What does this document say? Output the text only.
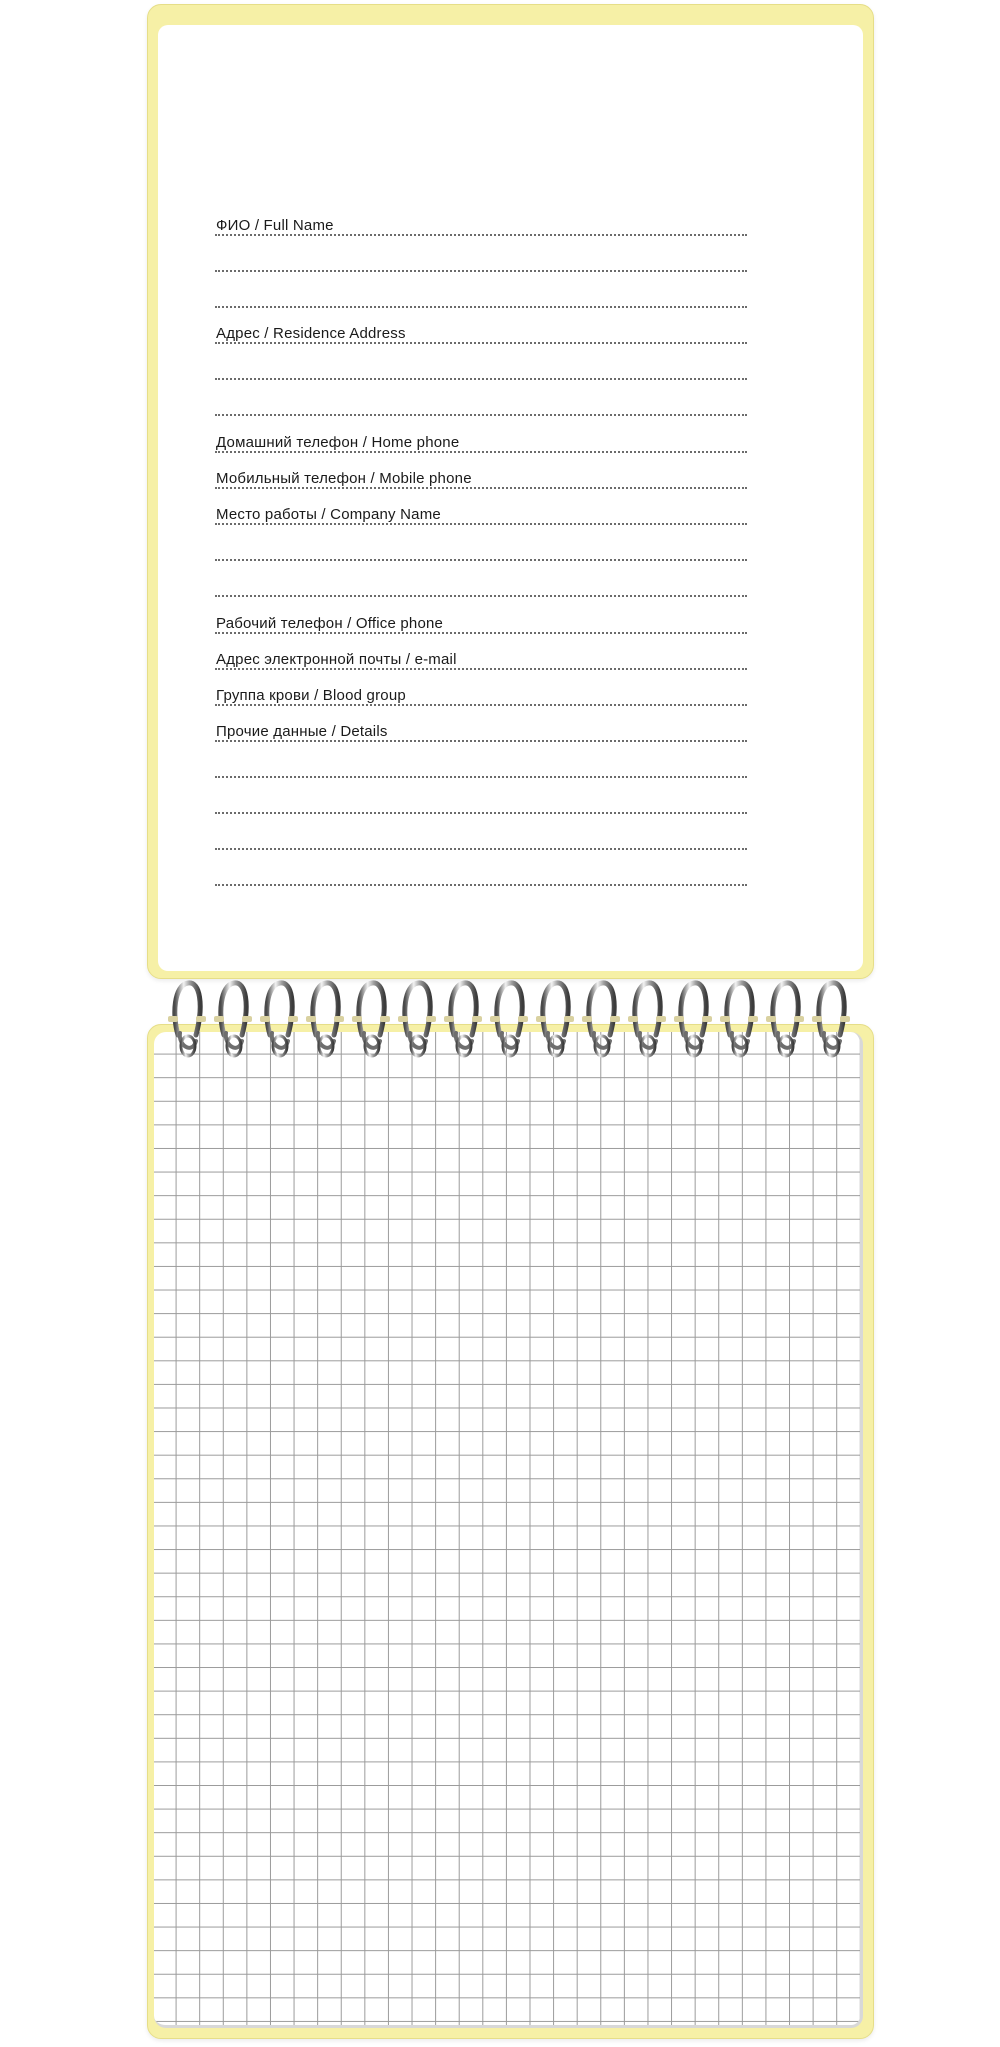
ФИО / Full Name
Адрес / Residence Address
Домашний телефон / Home phone
Мобильный телефон / Mobile phone
Место работы / Company Name
Рабочий телефон / Office phone
Адрес электронной почты / e-mail
Группа крови / Blood group
Прочие данные / Details
